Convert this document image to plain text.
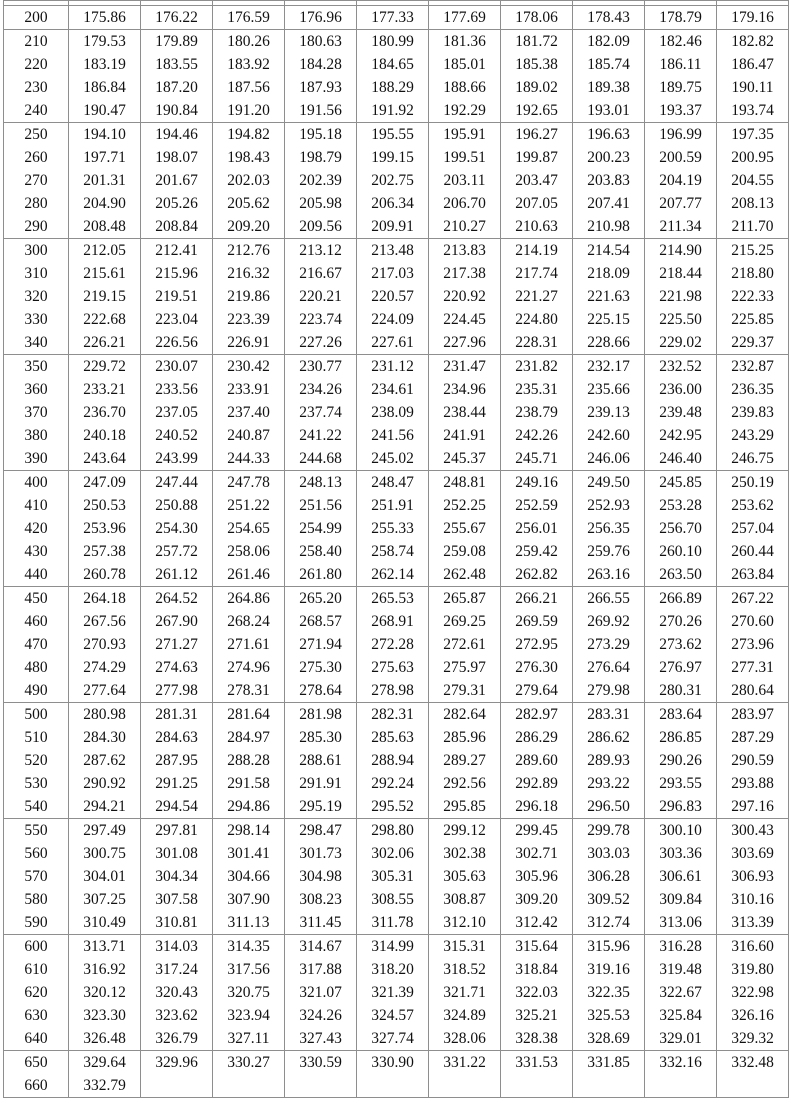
200	175.86	176.22	176.59	176.96	177.33	177.69	178.06	178.43	178.79	179.16
210	179.53	179.89	180.26	180.63	180.99	181.36	181.72	182.09	182.46	182.82
220	183.19	183.55	183.92	184.28	184.65	185.01	185.38	185.74	186.11	186.47
230	186.84	187.20	187.56	187.93	188.29	188.66	189.02	189.38	189.75	190.11
240	190.47	190.84	191.20	191.56	191.92	192.29	192.65	193.01	193.37	193.74
250	194.10	194.46	194.82	195.18	195.55	195.91	196.27	196.63	196.99	197.35
260	197.71	198.07	198.43	198.79	199.15	199.51	199.87	200.23	200.59	200.95
270	201.31	201.67	202.03	202.39	202.75	203.11	203.47	203.83	204.19	204.55
280	204.90	205.26	205.62	205.98	206.34	206.70	207.05	207.41	207.77	208.13
290	208.48	208.84	209.20	209.56	209.91	210.27	210.63	210.98	211.34	211.70
300	212.05	212.41	212.76	213.12	213.48	213.83	214.19	214.54	214.90	215.25
310	215.61	215.96	216.32	216.67	217.03	217.38	217.74	218.09	218.44	218.80
320	219.15	219.51	219.86	220.21	220.57	220.92	221.27	221.63	221.98	222.33
330	222.68	223.04	223.39	223.74	224.09	224.45	224.80	225.15	225.50	225.85
340	226.21	226.56	226.91	227.26	227.61	227.96	228.31	228.66	229.02	229.37
350	229.72	230.07	230.42	230.77	231.12	231.47	231.82	232.17	232.52	232.87
360	233.21	233.56	233.91	234.26	234.61	234.96	235.31	235.66	236.00	236.35
370	236.70	237.05	237.40	237.74	238.09	238.44	238.79	239.13	239.48	239.83
380	240.18	240.52	240.87	241.22	241.56	241.91	242.26	242.60	242.95	243.29
390	243.64	243.99	244.33	244.68	245.02	245.37	245.71	246.06	246.40	246.75
400	247.09	247.44	247.78	248.13	248.47	248.81	249.16	249.50	245.85	250.19
410	250.53	250.88	251.22	251.56	251.91	252.25	252.59	252.93	253.28	253.62
420	253.96	254.30	254.65	254.99	255.33	255.67	256.01	256.35	256.70	257.04
430	257.38	257.72	258.06	258.40	258.74	259.08	259.42	259.76	260.10	260.44
440	260.78	261.12	261.46	261.80	262.14	262.48	262.82	263.16	263.50	263.84
450	264.18	264.52	264.86	265.20	265.53	265.87	266.21	266.55	266.89	267.22
460	267.56	267.90	268.24	268.57	268.91	269.25	269.59	269.92	270.26	270.60
470	270.93	271.27	271.61	271.94	272.28	272.61	272.95	273.29	273.62	273.96
480	274.29	274.63	274.96	275.30	275.63	275.97	276.30	276.64	276.97	277.31
490	277.64	277.98	278.31	278.64	278.98	279.31	279.64	279.98	280.31	280.64
500	280.98	281.31	281.64	281.98	282.31	282.64	282.97	283.31	283.64	283.97
510	284.30	284.63	284.97	285.30	285.63	285.96	286.29	286.62	286.85	287.29
520	287.62	287.95	288.28	288.61	288.94	289.27	289.60	289.93	290.26	290.59
530	290.92	291.25	291.58	291.91	292.24	292.56	292.89	293.22	293.55	293.88
540	294.21	294.54	294.86	295.19	295.52	295.85	296.18	296.50	296.83	297.16
550	297.49	297.81	298.14	298.47	298.80	299.12	299.45	299.78	300.10	300.43
560	300.75	301.08	301.41	301.73	302.06	302.38	302.71	303.03	303.36	303.69
570	304.01	304.34	304.66	304.98	305.31	305.63	305.96	306.28	306.61	306.93
580	307.25	307.58	307.90	308.23	308.55	308.87	309.20	309.52	309.84	310.16
590	310.49	310.81	311.13	311.45	311.78	312.10	312.42	312.74	313.06	313.39
600	313.71	314.03	314.35	314.67	314.99	315.31	315.64	315.96	316.28	316.60
610	316.92	317.24	317.56	317.88	318.20	318.52	318.84	319.16	319.48	319.80
620	320.12	320.43	320.75	321.07	321.39	321.71	322.03	322.35	322.67	322.98
630	323.30	323.62	323.94	324.26	324.57	324.89	325.21	325.53	325.84	326.16
640	326.48	326.79	327.11	327.43	327.74	328.06	328.38	328.69	329.01	329.32
650	329.64	329.96	330.27	330.59	330.90	331.22	331.53	331.85	332.16	332.48
660	332.79									
